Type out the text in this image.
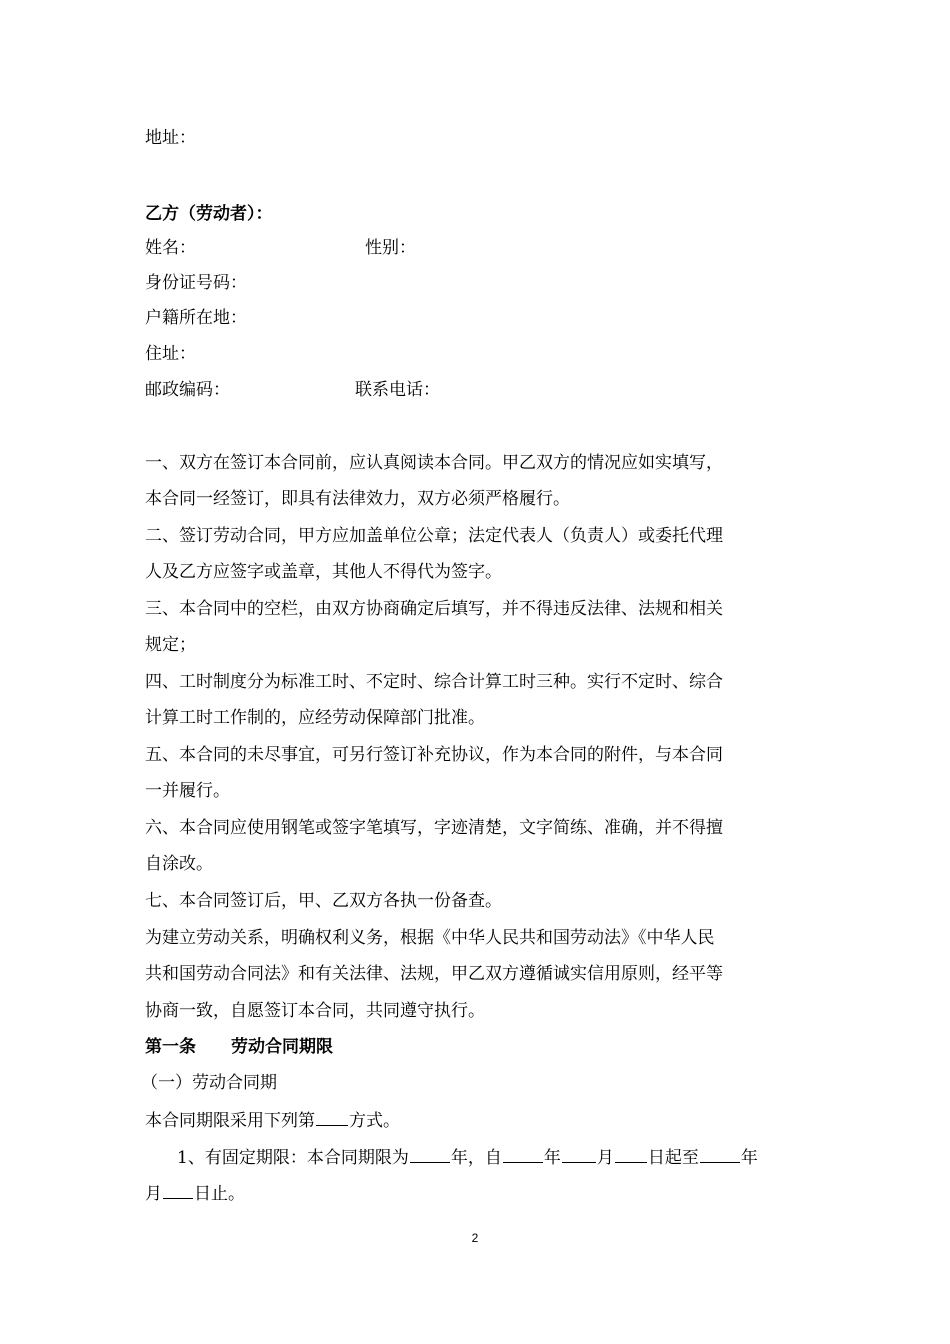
地址：
乙方（劳动者）：
姓名：	性别：
身份证号码：
户籍所在地：
住址：
邮政编码：	联系电话：
一、双方在签订本合同前，应认真阅读本合同。甲乙双方的情况应如实填写，
本合同一经签订，即具有法律效力，双方必须严格履行。
二、签订劳动合同，甲方应加盖单位公章；法定代表人（负责人）或委托代理
人及乙方应签字或盖章，其他人不得代为签字。
三、本合同中的空栏，由双方协商确定后填写，并不得违反法律、法规和相关
规定；
四、工时制度分为标准工时、不定时、综合计算工时三种。实行不定时、综合
计算工时工作制的，应经劳动保障部门批准。
五、本合同的未尽事宜，可另行签订补充协议，作为本合同的附件，与本合同
一并履行。
六、本合同应使用钢笔或签字笔填写，字迹清楚，文字简练、准确，并不得擅
自涂改。
七、本合同签订后，甲、乙双方各执一份备查。
为建立劳动关系，明确权利义务，根据《中华人民共和国劳动法》《中华人民
共和国劳动合同法》和有关法律、法规，甲乙双方遵循诚实信用原则，经平等
协商一致，自愿签订本合同，共同遵守执行。
第一条 劳动合同期限
（一）劳动合同期
本合同期限采用下列第 方式。
1、有固定期限：本合同期限为 年，自 年 月 日起至 年
月 日止。
2
